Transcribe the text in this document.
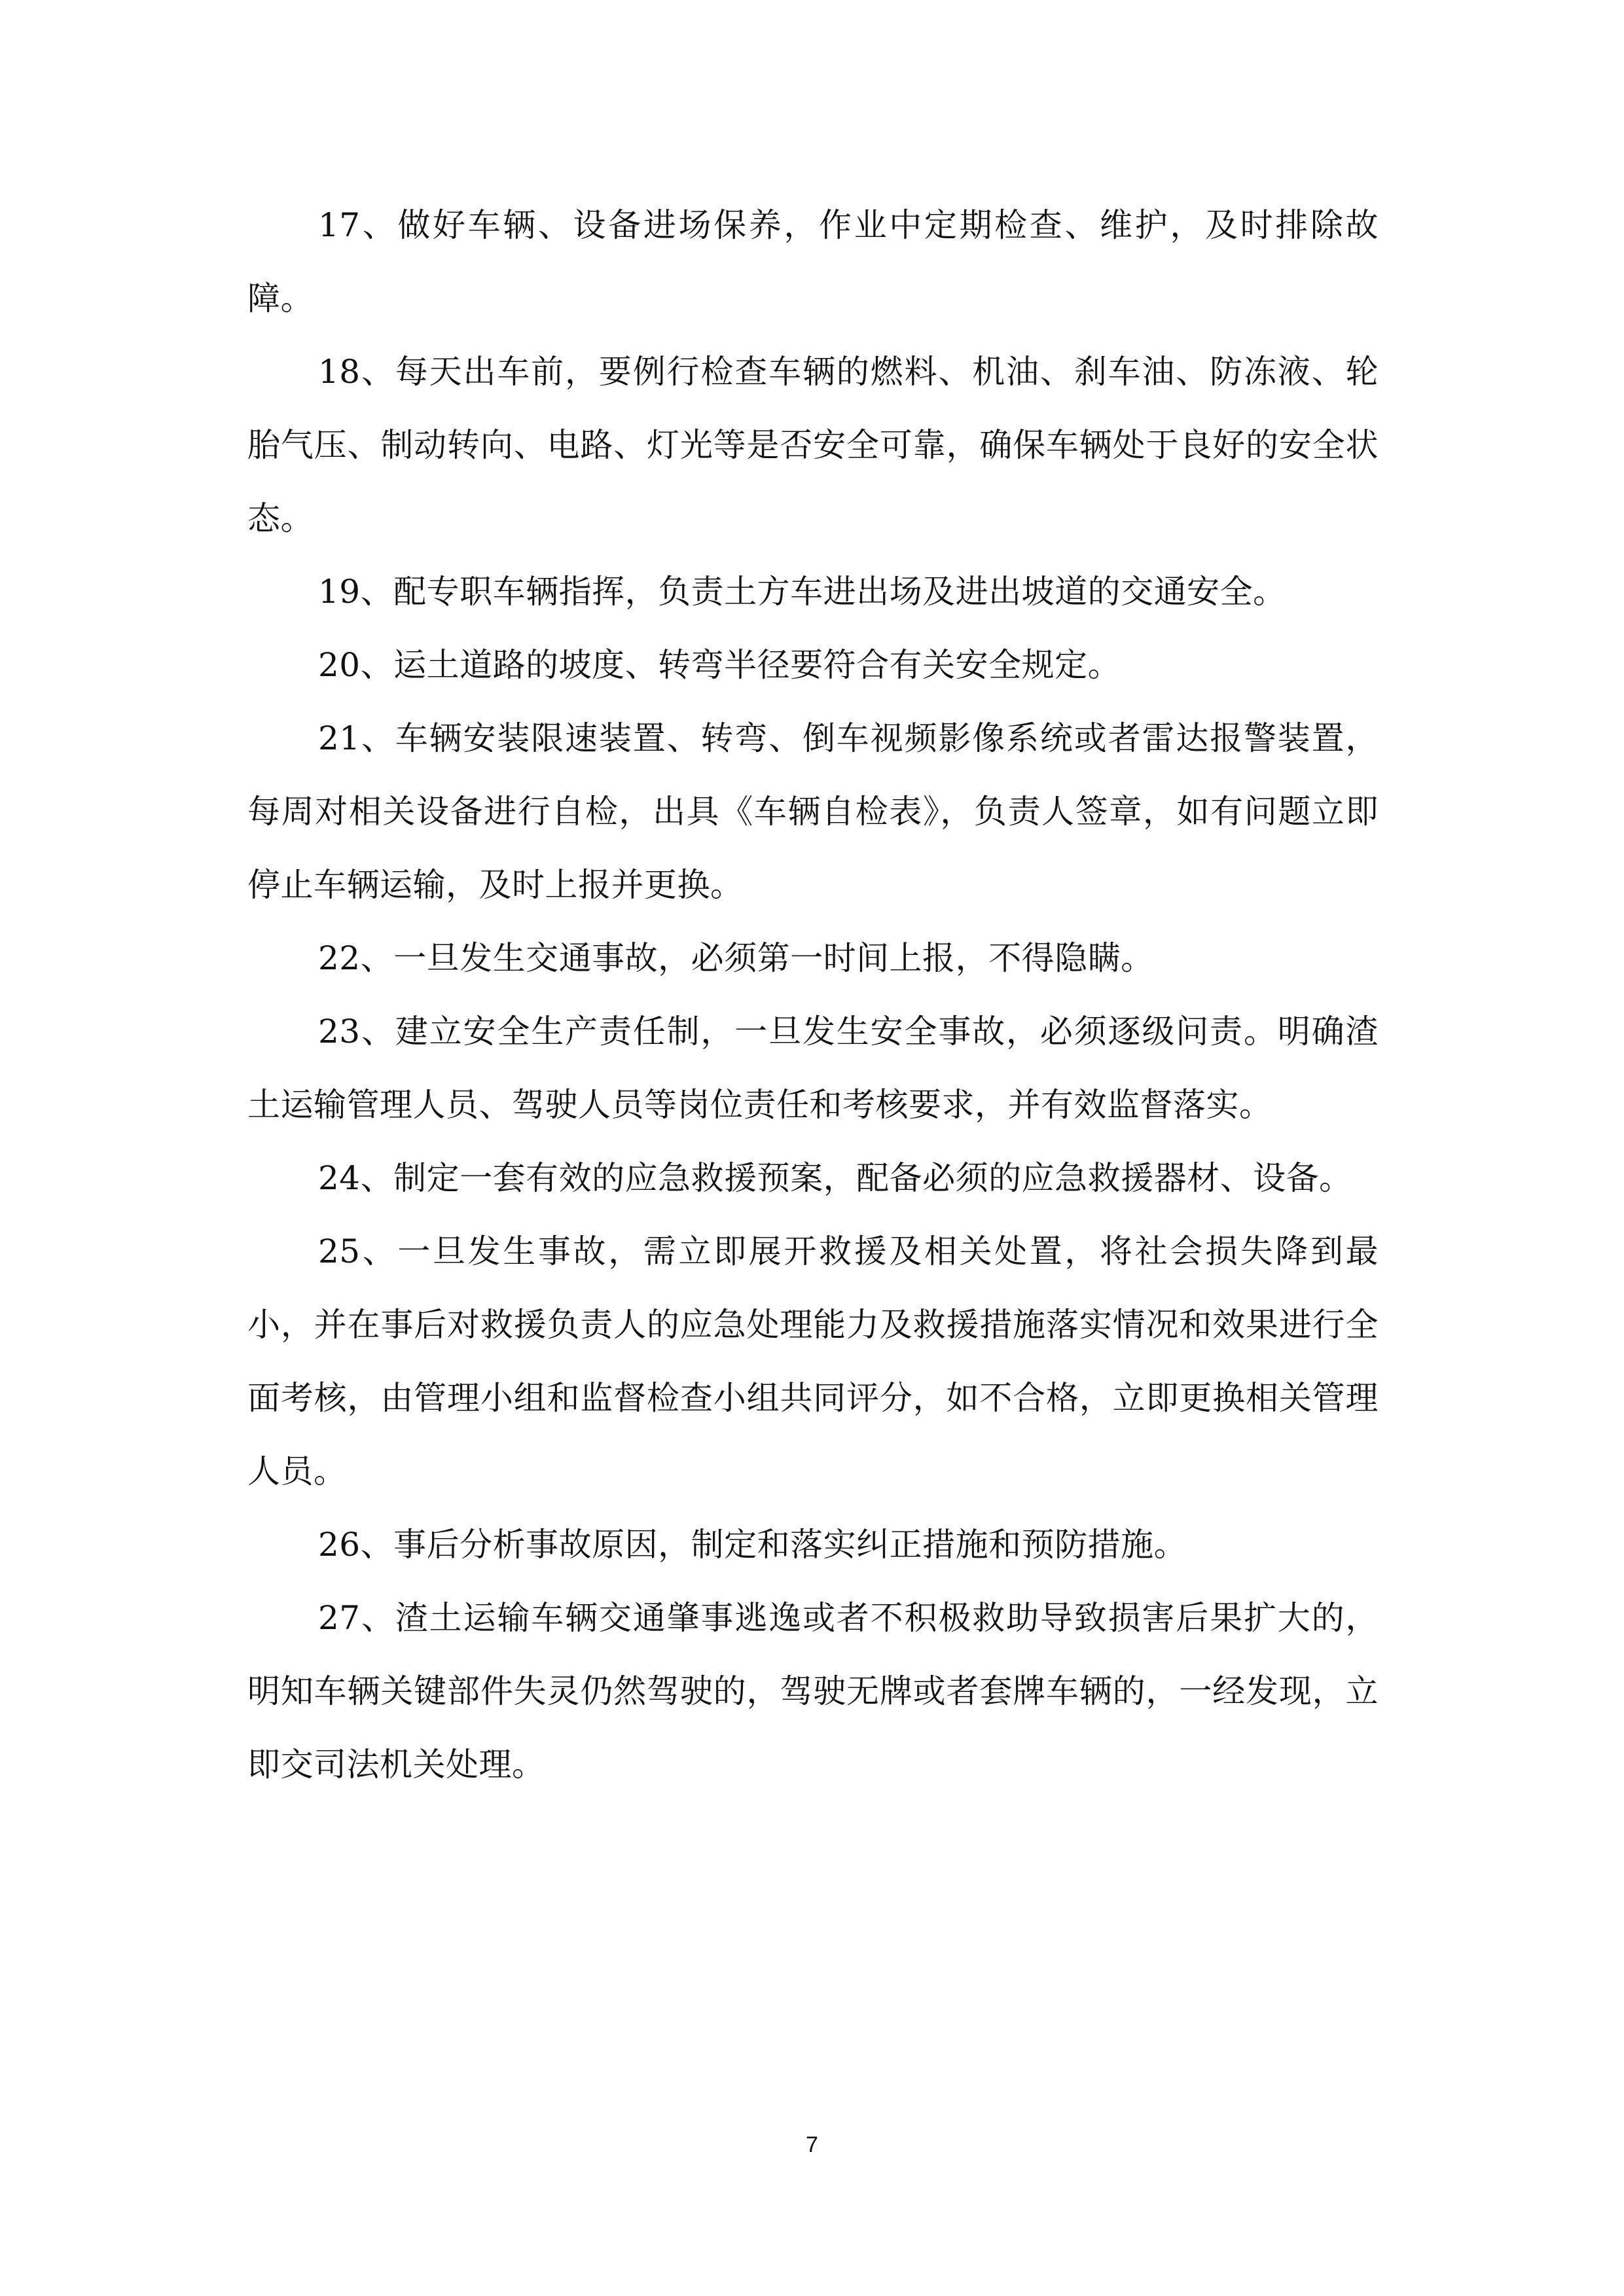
17、做好车辆、设备进场保养，作业中定期检查、维护，及时排除故障。

18、每天出车前，要例行检查车辆的燃料、机油、刹车油、防冻液、轮胎气压、制动转向、电路、灯光等是否安全可靠，确保车辆处于良好的安全状态。

19、配专职车辆指挥，负责土方车进出场及进出坡道的交通安全。

20、运土道路的坡度、转弯半径要符合有关安全规定。

21、车辆安装限速装置、转弯、倒车视频影像系统或者雷达报警装置，每周对相关设备进行自检，出具《车辆自检表》，负责人签章，如有问题立即停止车辆运输，及时上报并更换。

22、一旦发生交通事故，必须第一时间上报，不得隐瞒。

23、建立安全生产责任制，一旦发生安全事故，必须逐级问责。明确渣土运输管理人员、驾驶人员等岗位责任和考核要求，并有效监督落实。

24、制定一套有效的应急救援预案，配备必须的应急救援器材、设备。

25、一旦发生事故，需立即展开救援及相关处置，将社会损失降到最小，并在事后对救援负责人的应急处理能力及救援措施落实情况和效果进行全面考核，由管理小组和监督检查小组共同评分，如不合格，立即更换相关管理人员。

26、事后分析事故原因，制定和落实纠正措施和预防措施。

27、渣土运输车辆交通肇事逃逸或者不积极救助导致损害后果扩大的，明知车辆关键部件失灵仍然驾驶的，驾驶无牌或者套牌车辆的，一经发现，立即交司法机关处理。

7
